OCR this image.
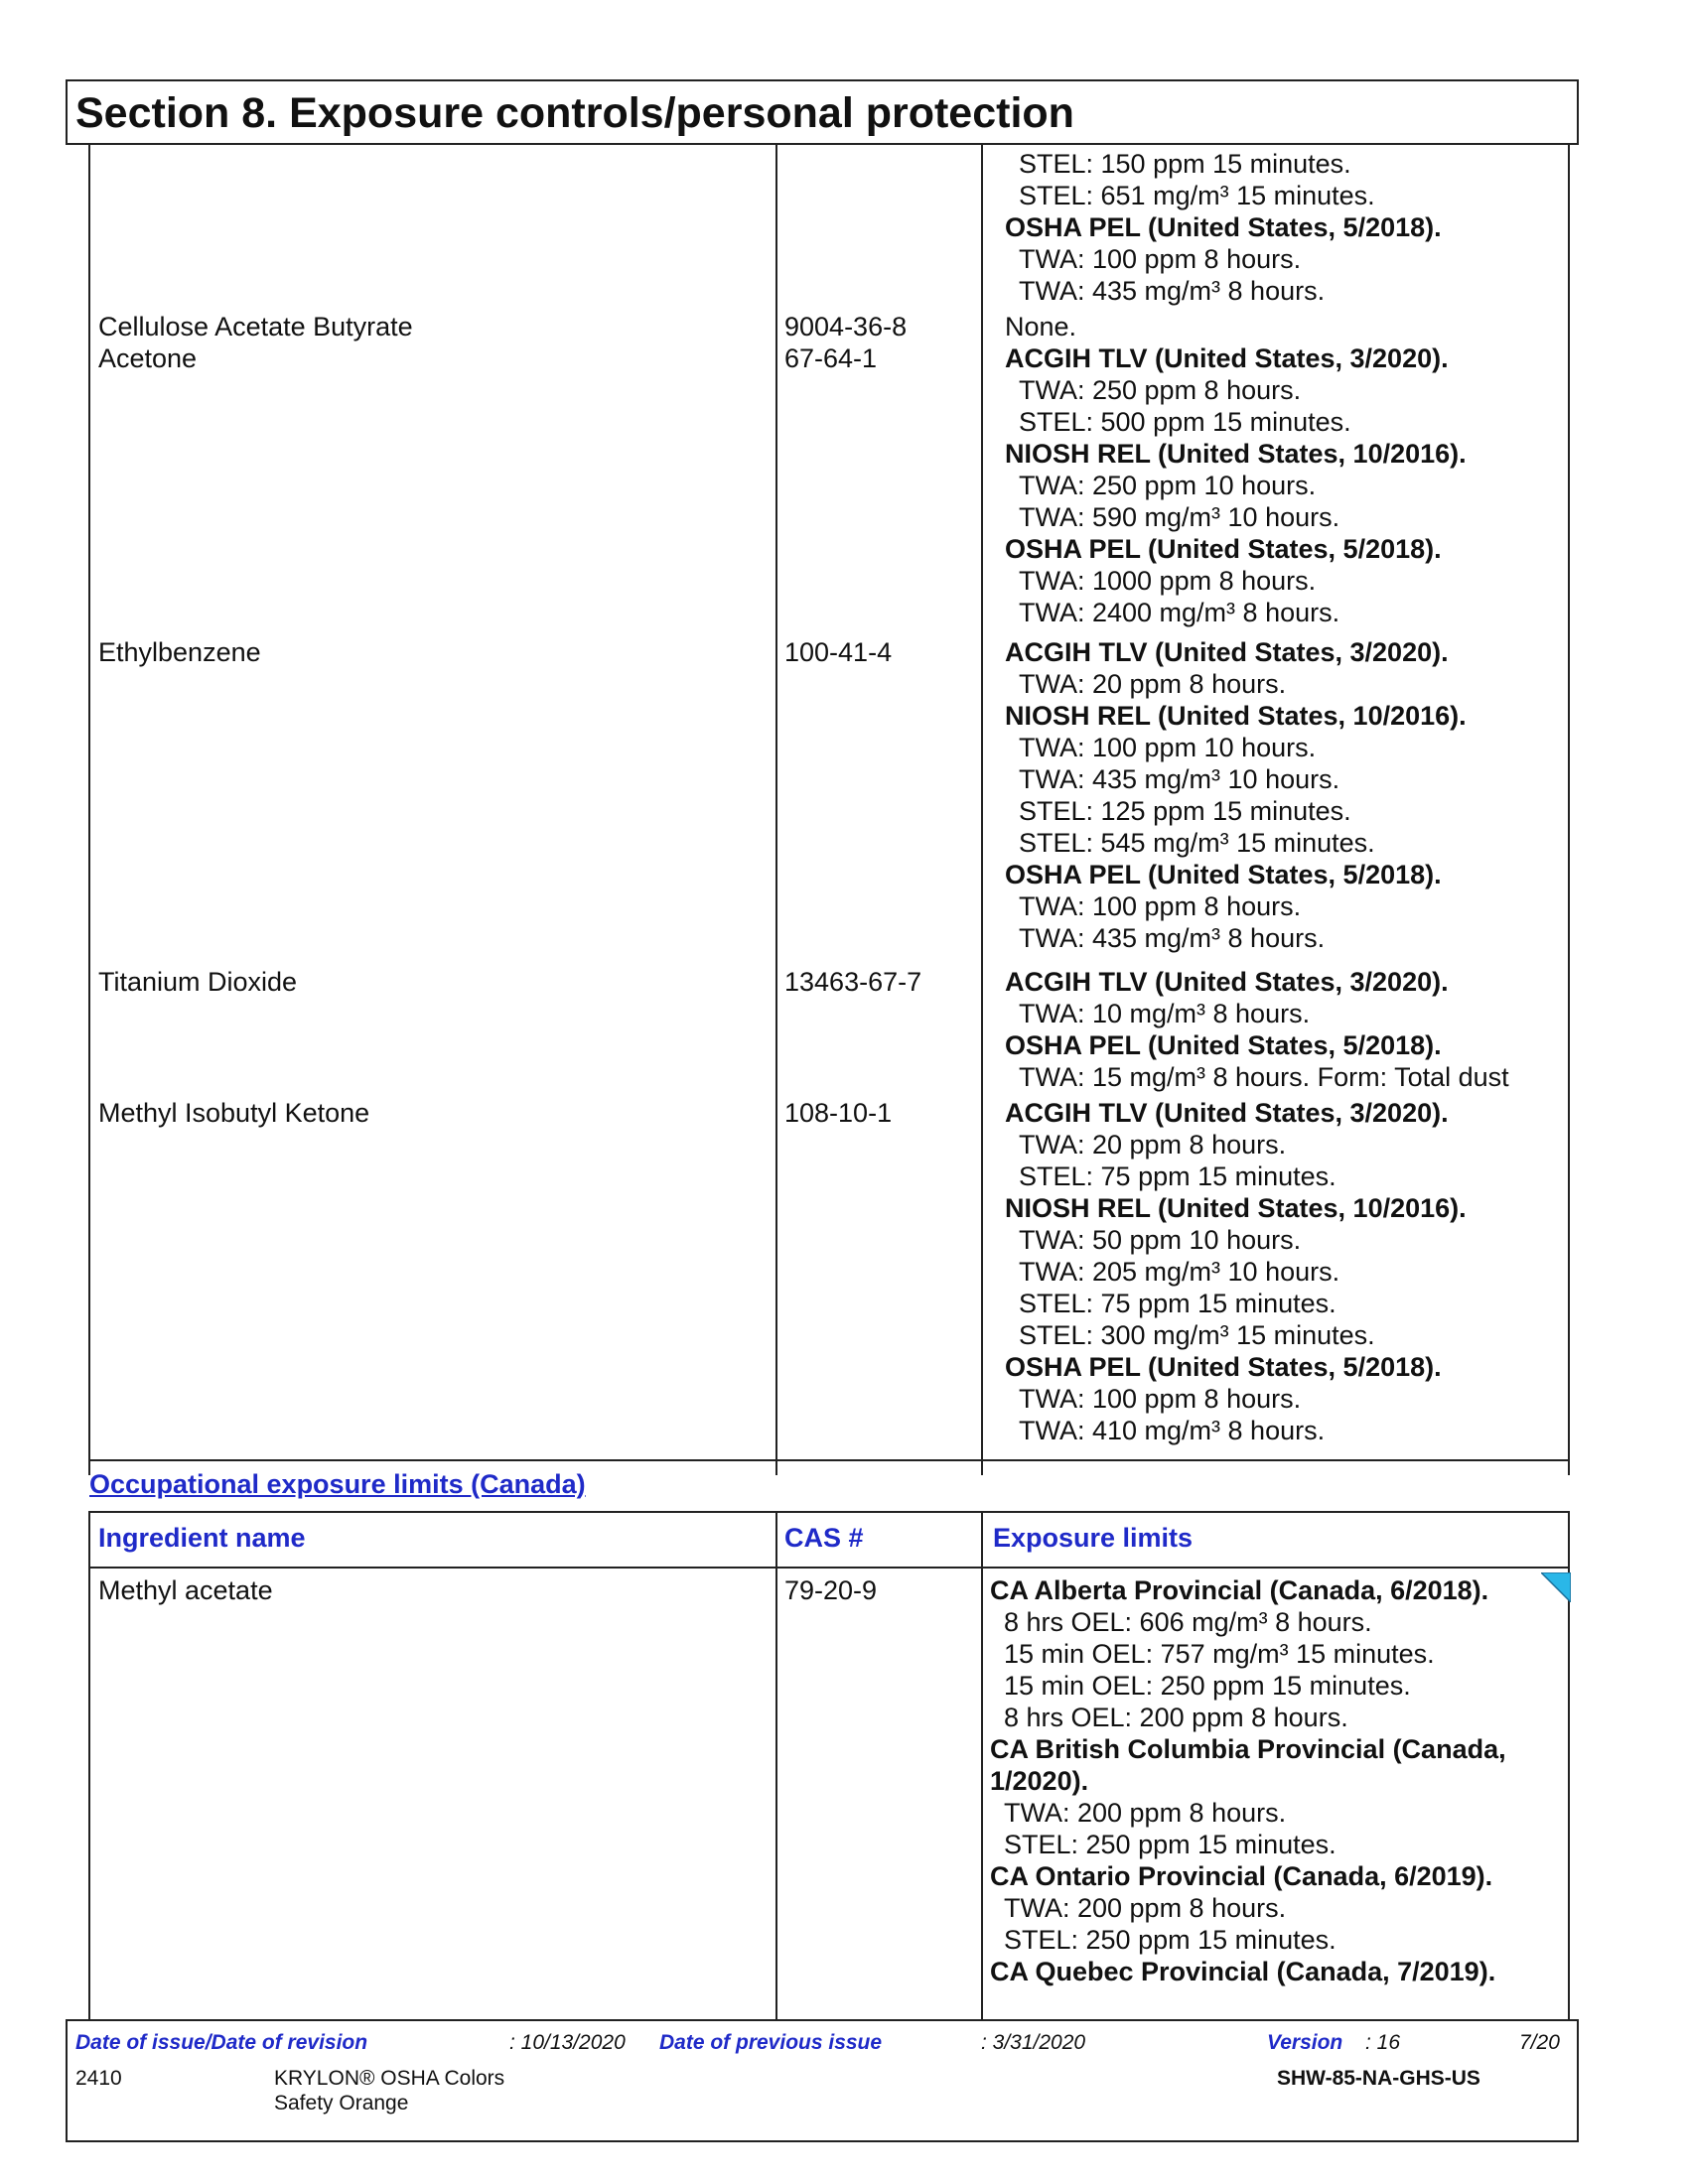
Section 8. Exposure controls/personal protection
STEL: 150 ppm 15 minutes.
STEL: 651 mg/m³ 15 minutes.
OSHA PEL (United States, 5/2018).
TWA: 100 ppm 8 hours.
TWA: 435 mg/m³ 8 hours.
Cellulose Acetate Butyrate	9004-36-8	None.
Acetone	67-64-1	ACGIH TLV (United States, 3/2020).
TWA: 250 ppm 8 hours.
STEL: 500 ppm 15 minutes.
NIOSH REL (United States, 10/2016).
TWA: 250 ppm 10 hours.
TWA: 590 mg/m³ 10 hours.
OSHA PEL (United States, 5/2018).
TWA: 1000 ppm 8 hours.
TWA: 2400 mg/m³ 8 hours.
Ethylbenzene	100-41-4	ACGIH TLV (United States, 3/2020).
TWA: 20 ppm 8 hours.
NIOSH REL (United States, 10/2016).
TWA: 100 ppm 10 hours.
TWA: 435 mg/m³ 10 hours.
STEL: 125 ppm 15 minutes.
STEL: 545 mg/m³ 15 minutes.
OSHA PEL (United States, 5/2018).
TWA: 100 ppm 8 hours.
TWA: 435 mg/m³ 8 hours.
Titanium Dioxide	13463-67-7	ACGIH TLV (United States, 3/2020).
TWA: 10 mg/m³ 8 hours.
OSHA PEL (United States, 5/2018).
TWA: 15 mg/m³ 8 hours. Form: Total dust
Methyl Isobutyl Ketone	108-10-1	ACGIH TLV (United States, 3/2020).
TWA: 20 ppm 8 hours.
STEL: 75 ppm 15 minutes.
NIOSH REL (United States, 10/2016).
TWA: 50 ppm 10 hours.
TWA: 205 mg/m³ 10 hours.
STEL: 75 ppm 15 minutes.
STEL: 300 mg/m³ 15 minutes.
OSHA PEL (United States, 5/2018).
TWA: 100 ppm 8 hours.
TWA: 410 mg/m³ 8 hours.
Occupational exposure limits (Canada)
Ingredient name	CAS #	Exposure limits
Methyl acetate	79-20-9	CA Alberta Provincial (Canada, 6/2018).
8 hrs OEL: 606 mg/m³ 8 hours.
15 min OEL: 757 mg/m³ 15 minutes.
15 min OEL: 250 ppm 15 minutes.
8 hrs OEL: 200 ppm 8 hours.
CA British Columbia Provincial (Canada,
1/2020).
TWA: 200 ppm 8 hours.
STEL: 250 ppm 15 minutes.
CA Ontario Provincial (Canada, 6/2019).
TWA: 200 ppm 8 hours.
STEL: 250 ppm 15 minutes.
CA Quebec Provincial (Canada, 7/2019).
Date of issue/Date of revision	: 10/13/2020 Date of previous issue	: 3/31/2020	Version : 16	7/20
2410	KRYLON® OSHA Colors
Safety Orange
SHW-85-NA-GHS-US
